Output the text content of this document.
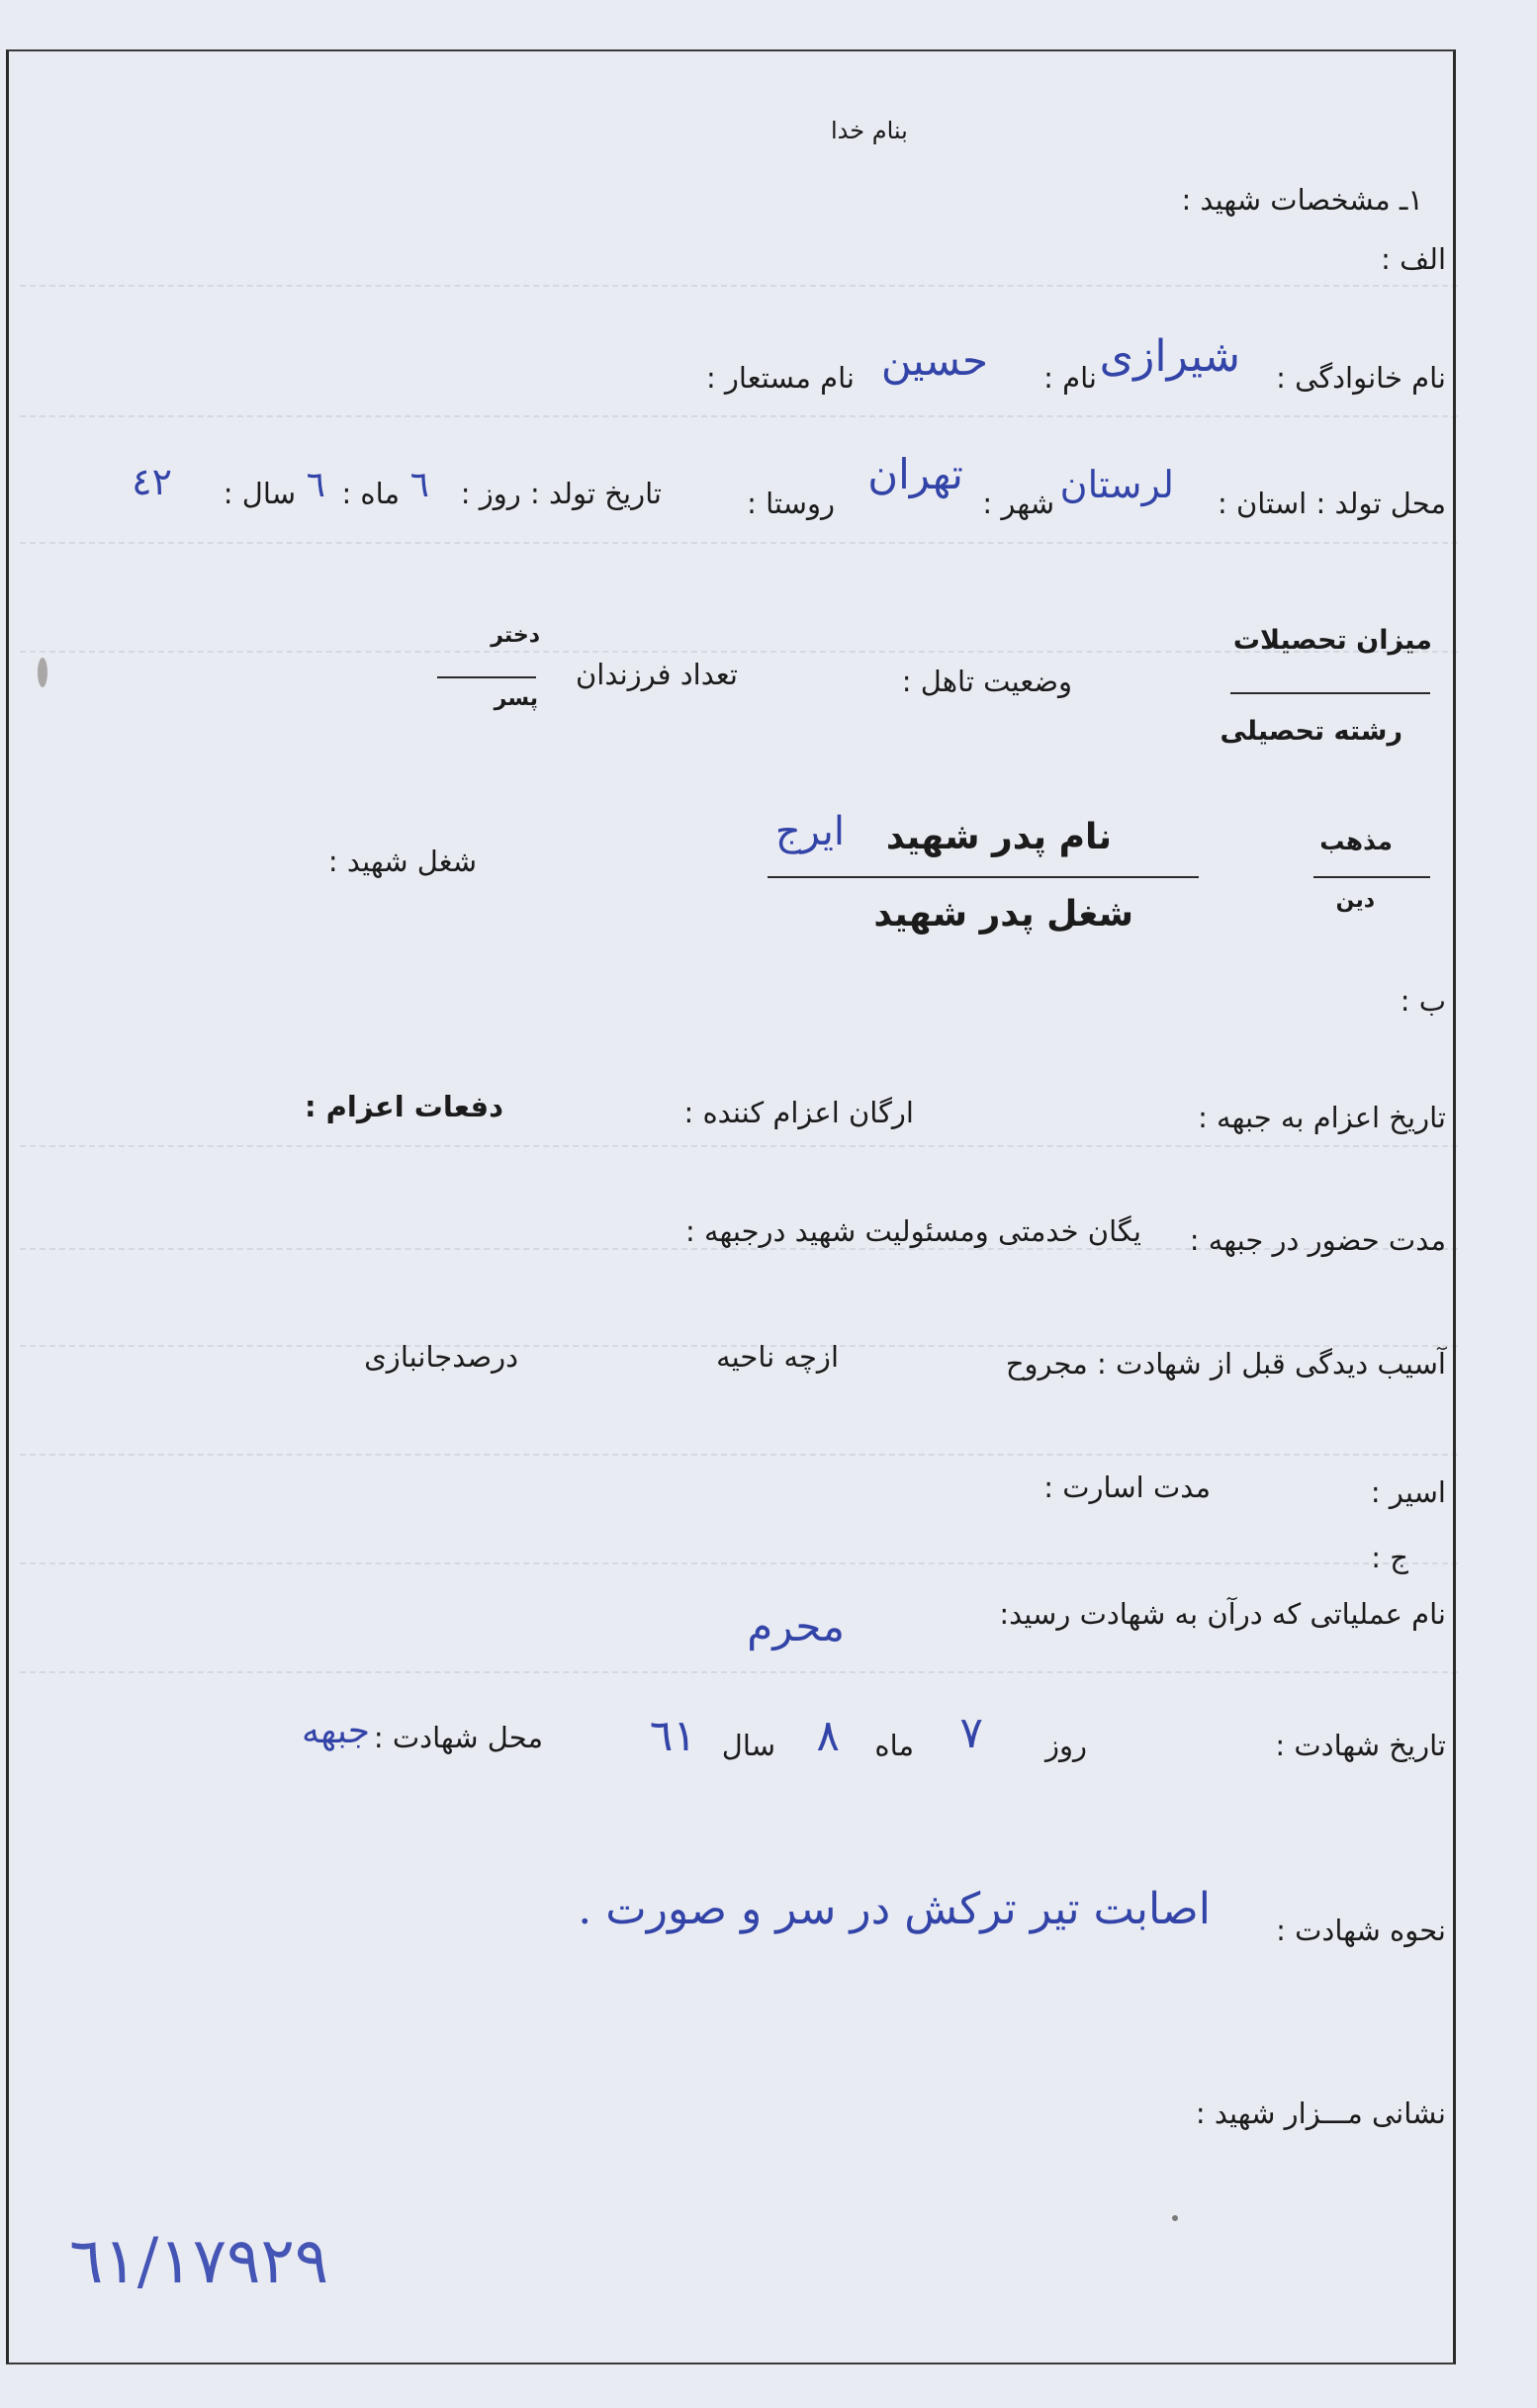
بنام خدا
۱ـ مشخصات شهید :
الف :
نام خانوادگی :
شیرازی
نام :
حسین
نام مستعار :
محل تولد : استان :
لرستان
شهر :
تهران
روستا :
تاریخ تولد : روز :
٦
ماه :
٦
سال :
٤٢
میزان تحصیلات
رشته تحصیلی
وضعیت تاهل :
تعداد فرزندان
دختر
پسر
مذهب
دین
نام پدر شهید
ایرج
شغل پدر شهید
شغل شهید :
ب :
تاریخ اعزام به جبهه :
ارگان اعزام کننده :
دفعات اعزام :
مدت حضور در جبهه :
یگان خدمتی ومسئولیت شهید درجبهه :
آسیب دیدگی قبل از شهادت : مجروح
ازچه ناحیه
درصدجانبازی
اسیر :
مدت اسارت :
ج :
نام عملیاتی که درآن به شهادت رسید:
محرم
تاریخ شهادت :
روز
٧
ماه
٨
سال
٦١
محل شهادت :
جبهه
نحوه شهادت :
اصابت تیر ترکش در سر و صورت .
نشانی مـــزار شهید :
٦١/١٧٩٢٩
